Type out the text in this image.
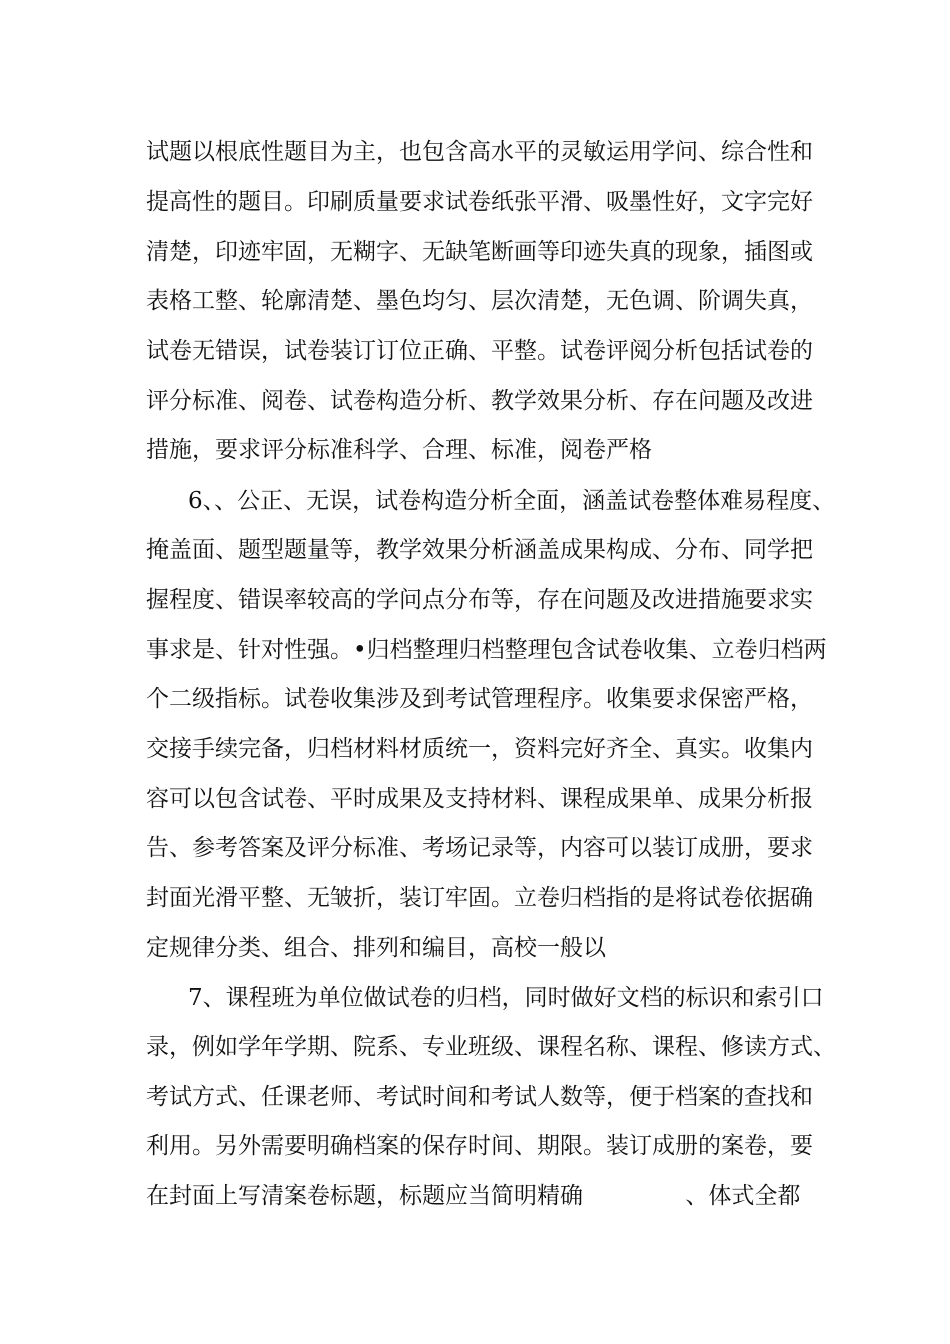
试题以根底性题目为主，也包含高水平的灵敏运用学问、综合性和
提高性的题目。印刷质量要求试卷纸张平滑、吸墨性好，文字完好
清楚，印迹牢固，无糊字、无缺笔断画等印迹失真的现象，插图或
表格工整、轮廓清楚、墨色均匀、层次清楚，无色调、阶调失真，
试卷无错误，试卷装订订位正确、平整。试卷评阅分析包括试卷的
评分标准、阅卷、试卷构造分析、教学效果分析、存在问题及改进
措施，要求评分标准科学、合理、标准，阅卷严格
6、、公正、无误，试卷构造分析全面，涵盖试卷整体难易程度、
掩盖面、题型题量等，教学效果分析涵盖成果构成、分布、同学把
握程度、错误率较高的学问点分布等，存在问题及改进措施要求实
事求是、针对性强。•归档整理归档整理包含试卷收集、立卷归档两
个二级指标。试卷收集涉及到考试管理程序。收集要求保密严格，
交接手续完备，归档材料材质统一，资料完好齐全、真实。收集内
容可以包含试卷、平时成果及支持材料、课程成果单、成果分析报
告、参考答案及评分标准、考场记录等，内容可以装订成册，要求
封面光滑平整、无皱折，装订牢固。立卷归档指的是将试卷依据确
定规律分类、组合、排列和编目，高校一般以
7、课程班为单位做试卷的归档，同时做好文档的标识和索引口
录，例如学年学期、院系、专业班级、课程名称、课程、修读方式、
考试方式、任课老师、考试时间和考试人数等，便于档案的查找和
利用。另外需要明确档案的保存时间、期限。装订成册的案卷，要
在封面上写清案卷标题，标题应当简明精确              、体式全都
